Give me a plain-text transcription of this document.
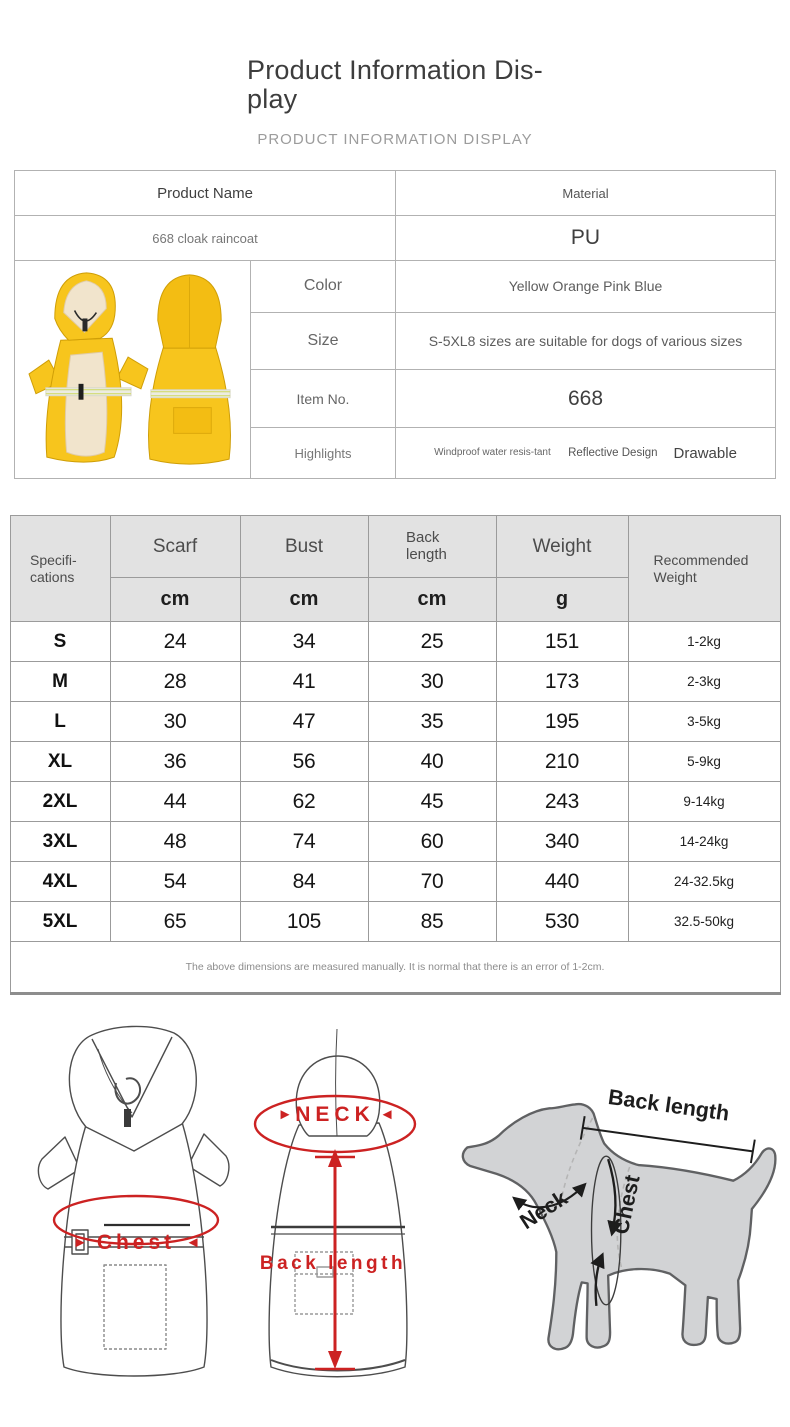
Product Information Dis-
play
PRODUCT INFORMATION DISPLAY
Product Name		Material
668 cloak raincoat		PU
	Color	Yellow Orange Pink Blue
	Size	S-5XL8 sizes are suitable for dogs of various sizes
	Item No.	668
	Highlights	Windproof water resis-tant Reflective Design Drawable
Specifi-cations	Scarf	Bust	Back length	Weight	Recommended Weight
	cm	cm	cm	g	
S	24	34	25	151	1-2kg
M	28	41	30	173	2-3kg
L	30	47	35	195	3-5kg
XL	36	56	40	210	5-9kg
2XL	44	62	45	243	9-14kg
3XL	48	74	60	340	14-24kg
4XL	54	84	70	440	24-32.5kg
5XL	65	105	85	530	32.5-50kg
The above dimensions are measured manually. It is normal that there is an error of 1-2cm.					
Chest
►	◄
NECK
►	◄
Back length
Back length
Neck Chest
